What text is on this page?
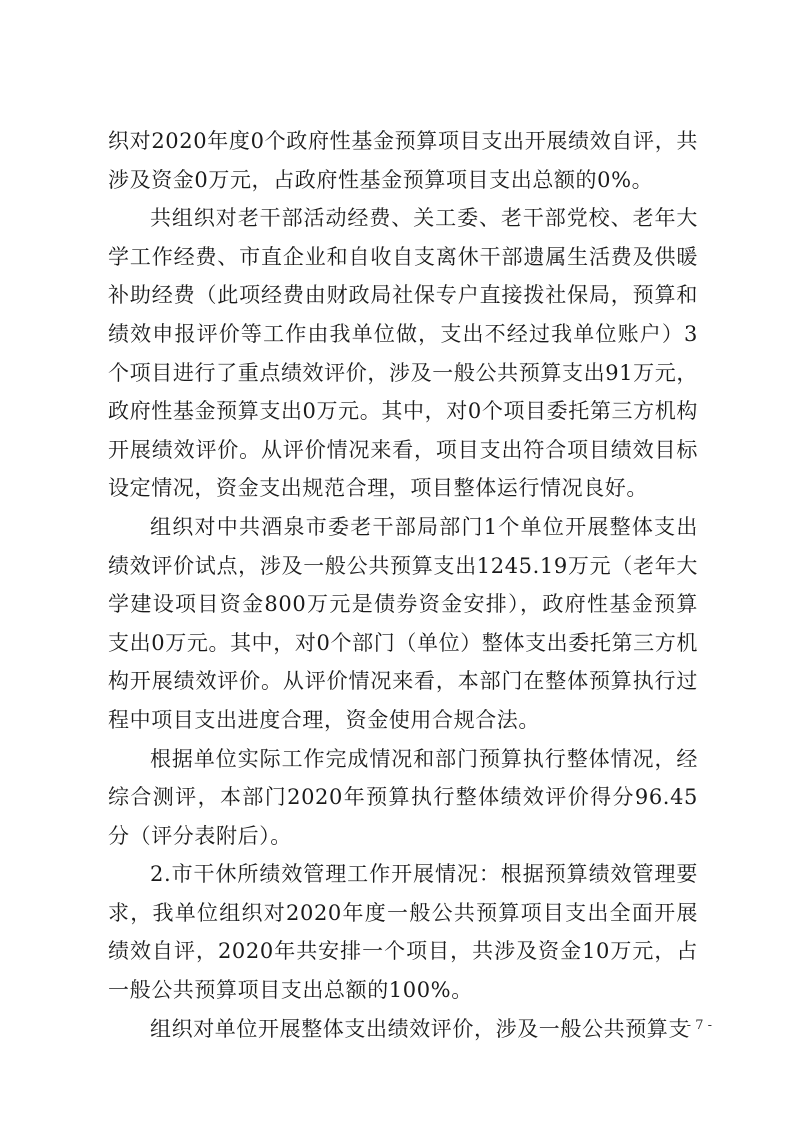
织对2020年度0个政府性基金预算项目支出开展绩效自评，共涉及资金0万元，占政府性基金预算项目支出总额的0%。

共组织对老干部活动经费、关工委、老干部党校、老年大学工作经费、市直企业和自收自支离休干部遗属生活费及供暖补助经费（此项经费由财政局社保专户直接拨社保局，预算和绩效申报评价等工作由我单位做，支出不经过我单位账户）3个项目进行了重点绩效评价，涉及一般公共预算支出91万元，政府性基金预算支出0万元。其中，对0个项目委托第三方机构开展绩效评价。从评价情况来看，项目支出符合项目绩效目标设定情况，资金支出规范合理，项目整体运行情况良好。

组织对中共酒泉市委老干部局部门1个单位开展整体支出绩效评价试点，涉及一般公共预算支出1245.19万元（老年大学建设项目资金800万元是债券资金安排），政府性基金预算支出0万元。其中，对0个部门（单位）整体支出委托第三方机构开展绩效评价。从评价情况来看，本部门在整体预算执行过程中项目支出进度合理，资金使用合规合法。

根据单位实际工作完成情况和部门预算执行整体情况，经综合测评，本部门2020年预算执行整体绩效评价得分96.45分（评分表附后）。

2.市干休所绩效管理工作开展情况：根据预算绩效管理要求，我单位组织对2020年度一般公共预算项目支出全面开展绩效自评，2020年共安排一个项目，共涉及资金10万元，占一般公共预算项目支出总额的100%。

组织对单位开展整体支出绩效评价，涉及一般公共预算支

- 7 -
